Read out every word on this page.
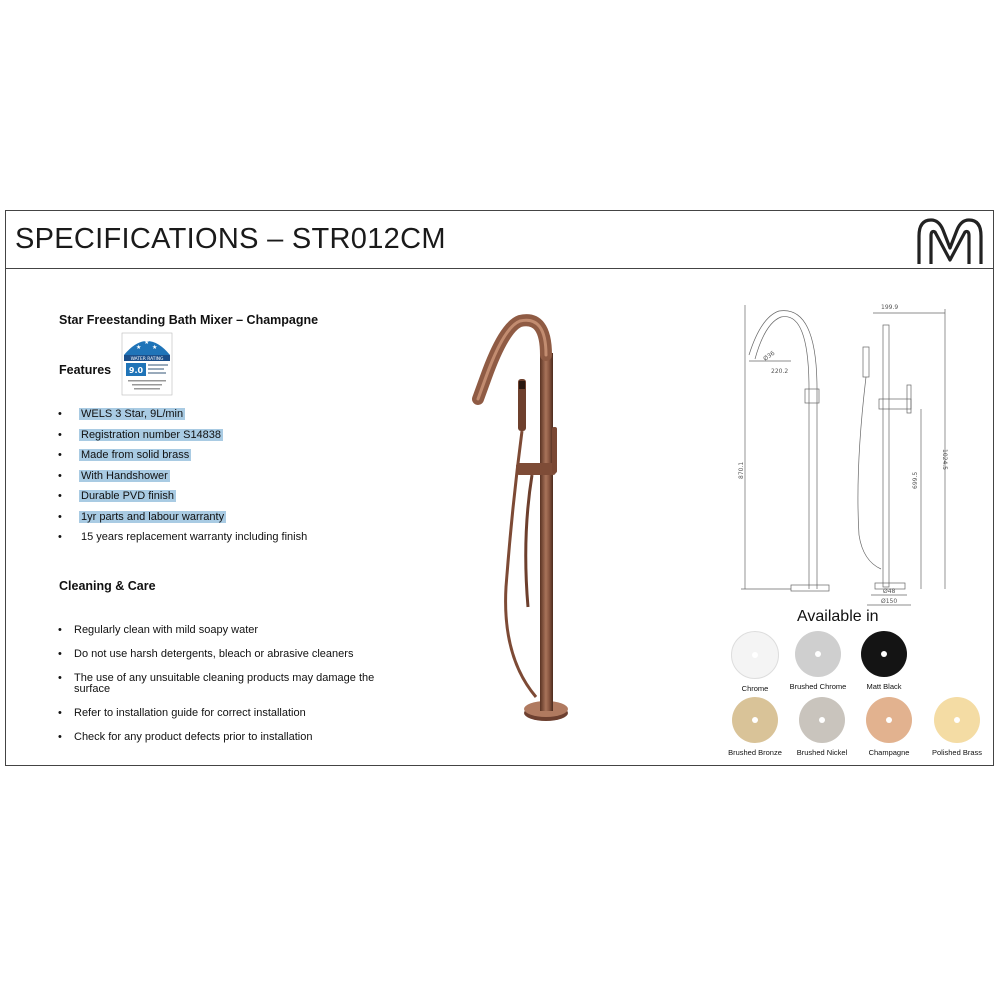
SPECIFICATIONS – STR012CM
Star Freestanding Bath Mixer – Champagne
Features
★
★
★
WATER RATING
9.0
• WELS 3 Star, 9L/min
• Registration number S14838
• Made from solid brass
• With Handshower
• Durable PVD finish
• 1yr parts and labour warranty
• 15 years replacement warranty including finish
Cleaning & Care
• Regularly clean with mild soapy water
• Do not use harsh detergents, bleach or abrasive cleaners
• The use of any unsuitable cleaning products may damage the surface
• Refer to installation guide for correct installation
• Check for any product defects prior to installation
199.9
Ø36
220.2
870.1
1024.5
699.5
Ø48
Ø150
Available in
Chrome	Brushed Chrome	Matt Black
Brushed Bronze	Brushed Nickel	Champagne	Polished Brass
